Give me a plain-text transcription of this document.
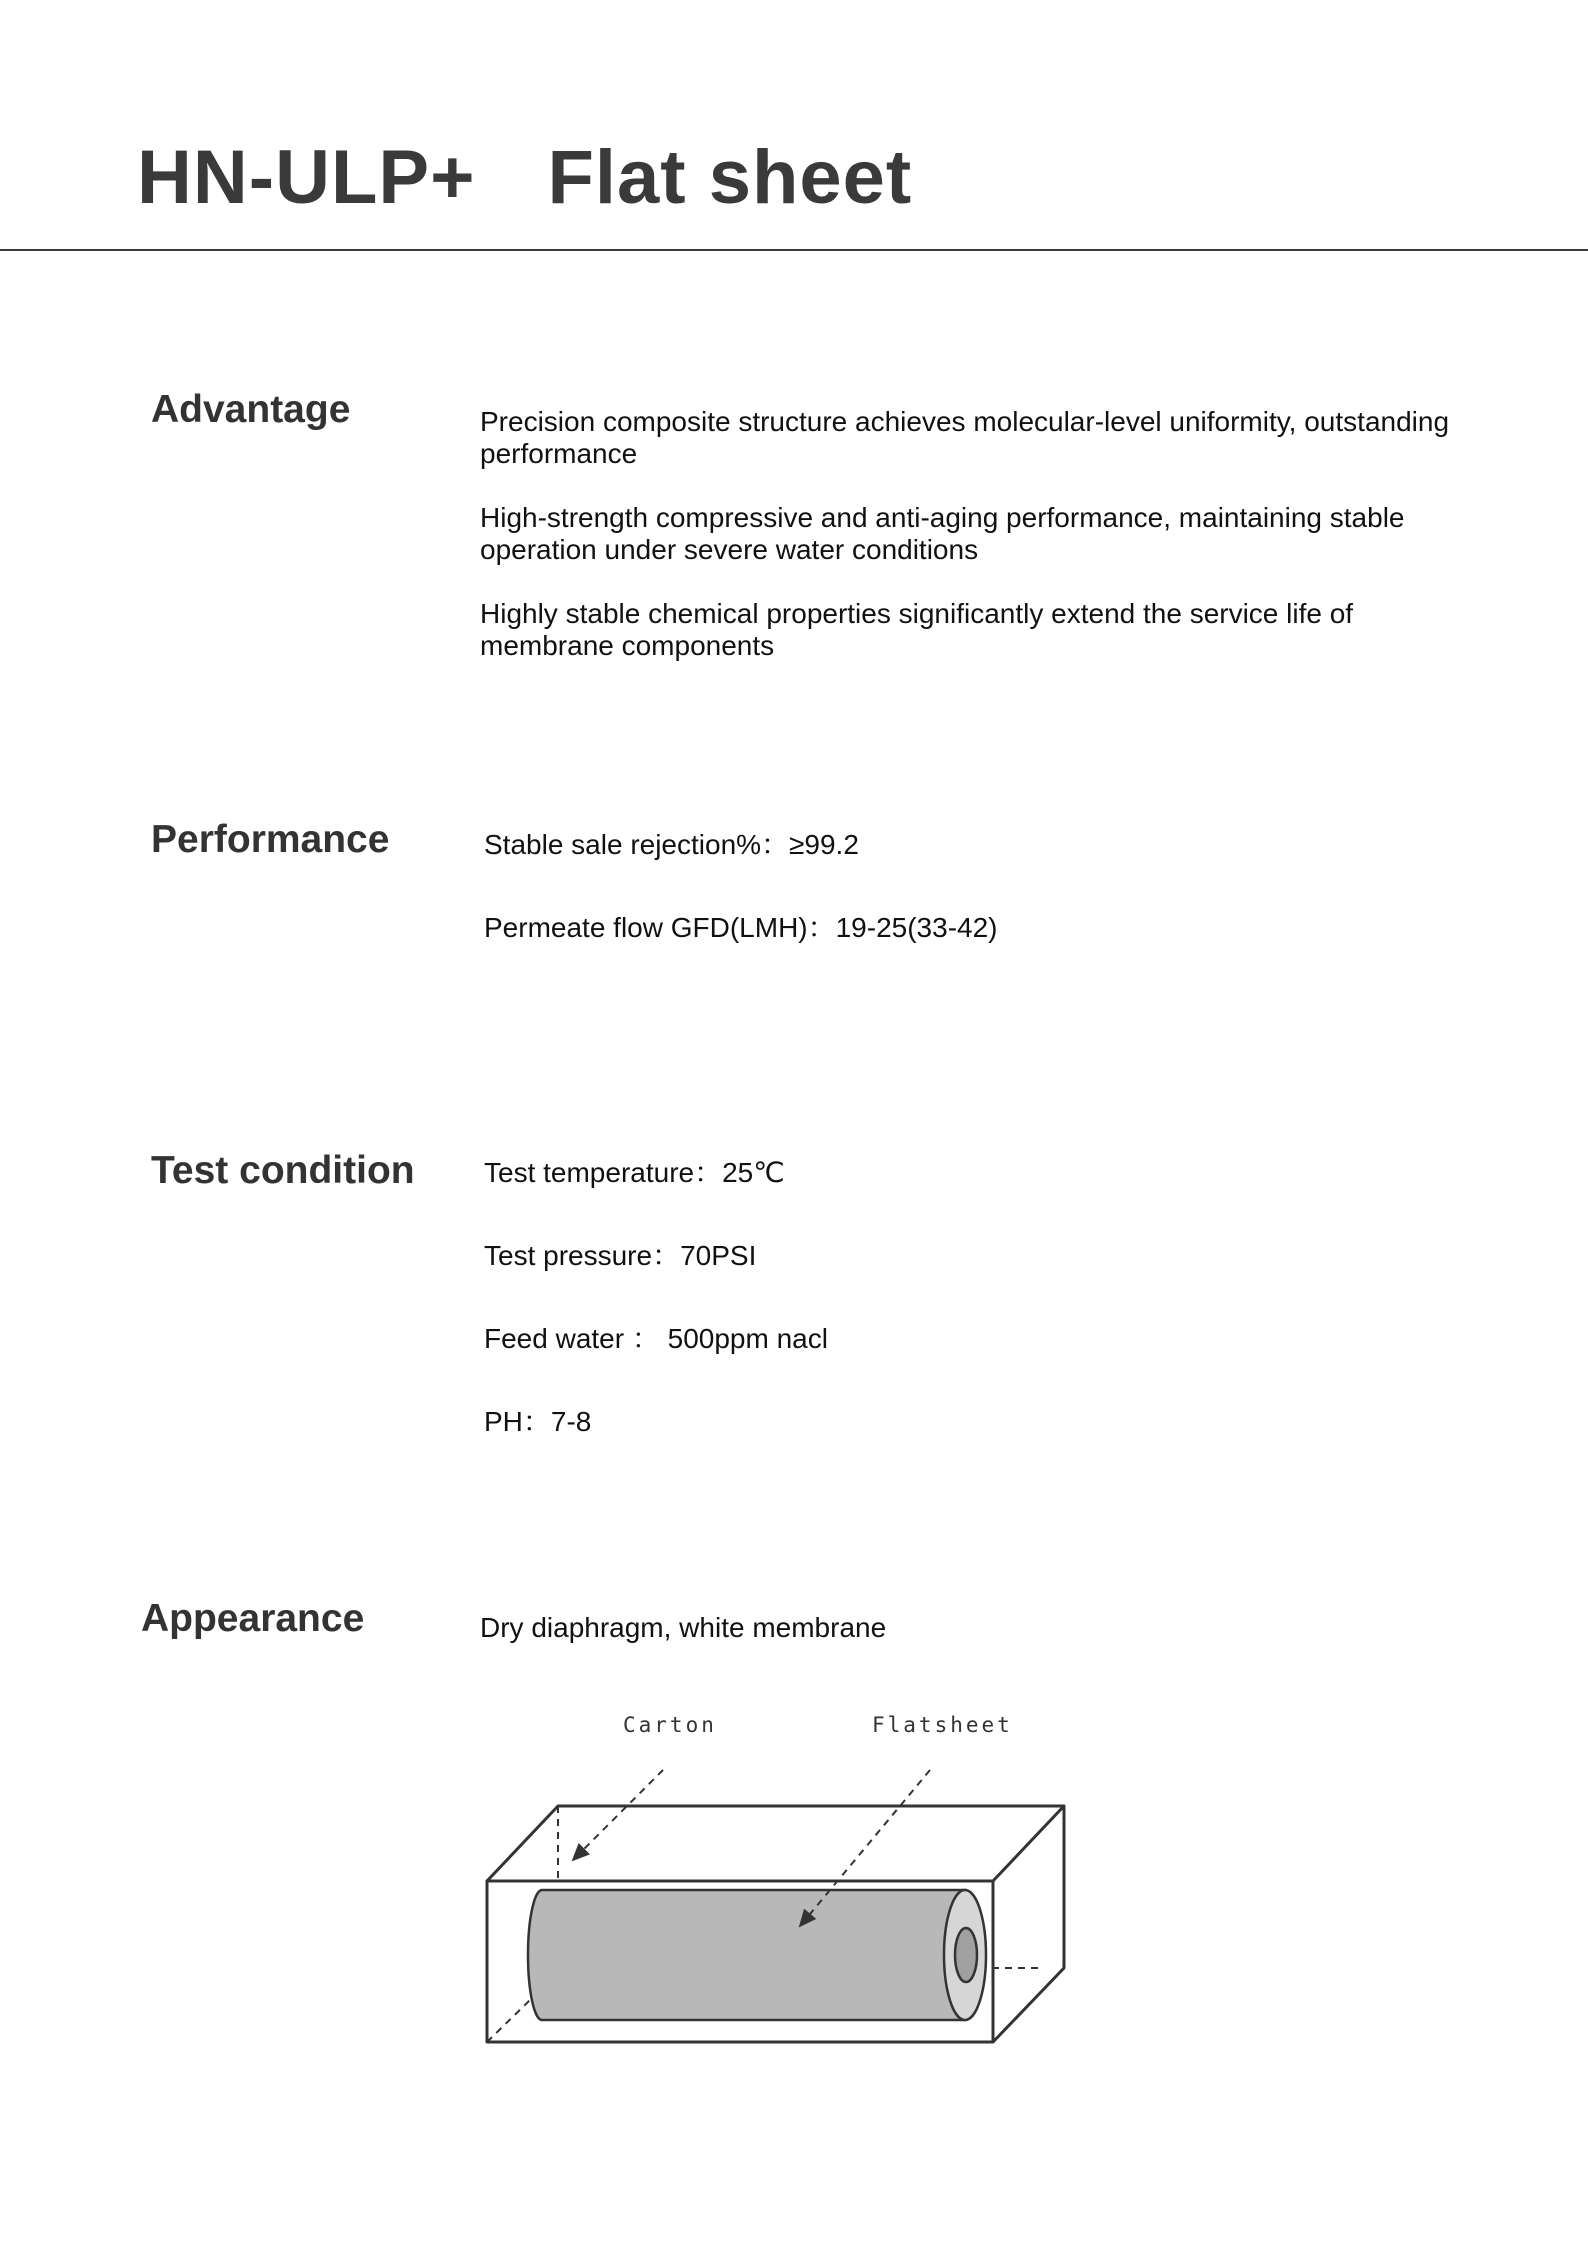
HN-ULP+ Flat sheet
Advantage	Precision composite structure achieves molecular-level uniformity, outstanding performance

High-strength compressive and anti-aging performance, maintaining stable operation under severe water conditions

Highly stable chemical properties significantly extend the service life of membrane components

Performance	Stable sale rejection%：≥99.2

Permeate flow GFD(LMH)：19-25(33-42)

Test condition Test temperature：25℃

Test pressure：70PSI

Feed water ： 500ppm nacl

PH：7-8

Appearance	Dry diaphragm, white membrane

Carton	Flatsheet
